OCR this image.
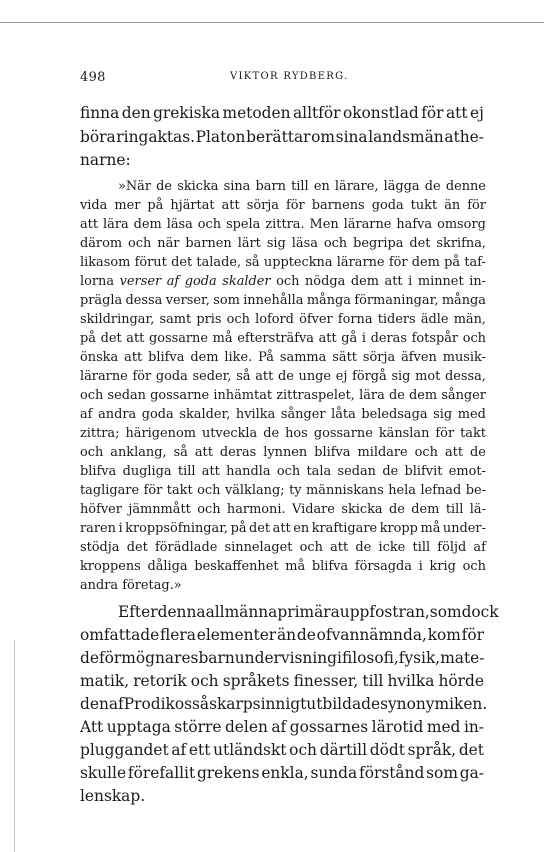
498	VIKTOR RYDBERG.
finna den grekiska metoden alltför okonstlad för att ej
böra ringaktas. Platon berättar om sina landsmän athe-
narne:
»När de skicka sina barn till en lärare, lägga de denne
vida mer på hjärtat att sörja för barnens goda tukt än för
att lära dem läsa och spela zittra. Men lärarne hafva omsorg
därom och när barnen lärt sig läsa och begripa det skrifna,
likasom förut det talade, så uppteckna lärarne för dem på taf-
lorna verser af goda skalder och nödga dem att i minnet in-
prägla dessa verser, som innehålla många förmaningar, många
skildringar, samt pris och loford öfver forna tiders ädle män,
på det att gossarne må eftersträfva att gå i deras fotspår och
önska att blifva dem like. På samma sätt sörja äfven musik-
lärarne för goda seder, så att de unge ej förgå sig mot dessa,
och sedan gossarne inhämtat zittraspelet, lära de dem sånger
af andra goda skalder, hvilka sånger låta beledsaga sig med
zittra; härigenom utveckla de hos gossarne känslan för takt
och anklang, så att deras lynnen blifva mildare och att de
blifva dugliga till att handla och tala sedan de blifvit emot-
tagligare för takt och välklang; ty människans hela lefnad be-
höfver jämnmått och harmoni. Vidare skicka de dem till lä-
raren i kroppsöfningar, på det att en kraftigare kropp må under-
stödja det förädlade sinnelaget och att de icke till följd af
kroppens dåliga beskaffenhet må blifva försagda i krig och
andra företag.»
Efter denna allmänna primära uppfostran, som dock
omfattade flera elementer än de ofvannämnda, kom för
de förmögnares barn undervisning i filosofi, fysik, mate-
matik, retorik och språkets finesser, till hvilka hörde
den af Prodikos så skarpsinnigt utbildade synonymiken.
Att upptaga större delen af gossarnes lärotid med in-
pluggandet af ett utländskt och därtill dödt språk, det
skulle förefallit grekens enkla, sunda förstånd som ga-
lenskap.
